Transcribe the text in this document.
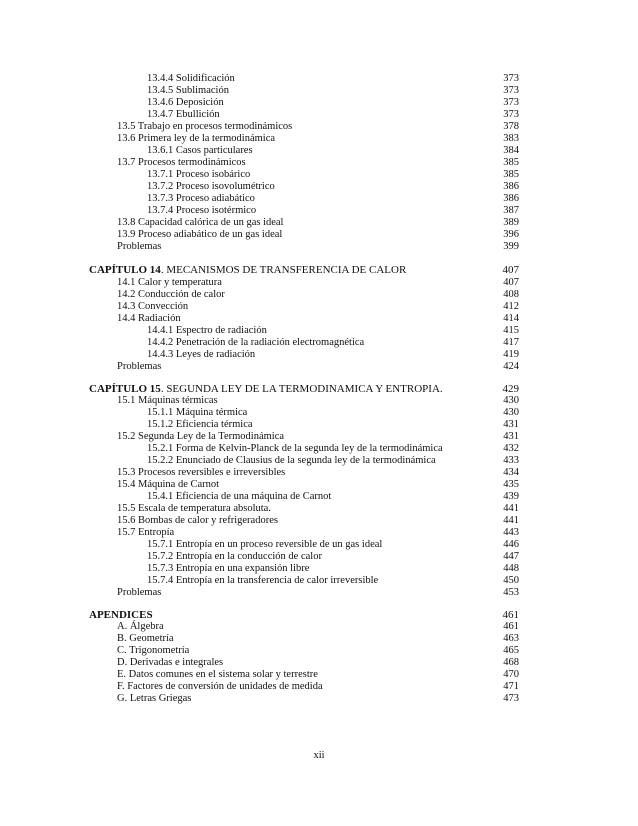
13.4.4 Solidificación	373
13.4.5 Sublimación	373
13.4.6 Deposición	373
13.4.7 Ebullición	373
13.5 Trabajo en procesos termodinámicos	378
13.6 Primera ley de la termodinámica	383
13.6.1 Casos particulares	384
13.7 Procesos termodinámicos	385
13.7.1 Proceso isobárico	385
13.7.2 Proceso isovolumétrico	386
13.7.3 Proceso adiabático	386
13.7.4 Proceso isotérmico	387
13.8 Capacidad calórica de un gas ideal	389
13.9 Proceso adiabático de un gas ideal	396
Problemas	399
CAPÍTULO 14. MECANISMOS DE TRANSFERENCIA DE CALOR	407
14.1 Calor y temperatura	407
14.2 Conducción de calor	408
14.3 Convección	412
14.4 Radiación	414
14.4.1 Espectro de radiación	415
14.4.2 Penetración de la radiación electromagnética	417
14.4.3 Leyes de radiación	419
Problemas	424
CAPÍTULO 15. SEGUNDA LEY DE LA TERMODINAMICA Y ENTROPIA.	429
15.1 Máquinas térmicas	430
15.1.1 Máquina térmica	430
15.1.2 Eficiencia térmica	431
15.2 Segunda Ley de la Termodinámica	431
15.2.1 Forma de Kelvin-Planck de la segunda ley de la termodinámica	432
15.2.2 Enunciado de Clausius de la segunda ley de la termodinámica	433
15.3 Procesos reversibles e irreversibles	434
15.4 Máquina de Carnot	435
15.4.1 Eficiencia de una máquina de Carnot	439
15.5 Escala de temperatura absoluta.	441
15.6 Bombas de calor y refrigeradores	441
15.7 Entropía	443
15.7.1 Entropía en un proceso reversible de un gas ideal	446
15.7.2 Entropía en la conducción de calor	447
15.7.3 Entropía en una expansión libre	448
15.7.4 Entropía en la transferencia de calor irreversible	450
Problemas	453
APENDICES	461
A. Álgebra	461
B. Geometría	463
C. Trigonometría	465
D. Derivadas e integrales	468
E. Datos comunes en el sistema solar y terrestre	470
F. Factores de conversión de unidades de medida	471
G. Letras Griegas	473
xii
